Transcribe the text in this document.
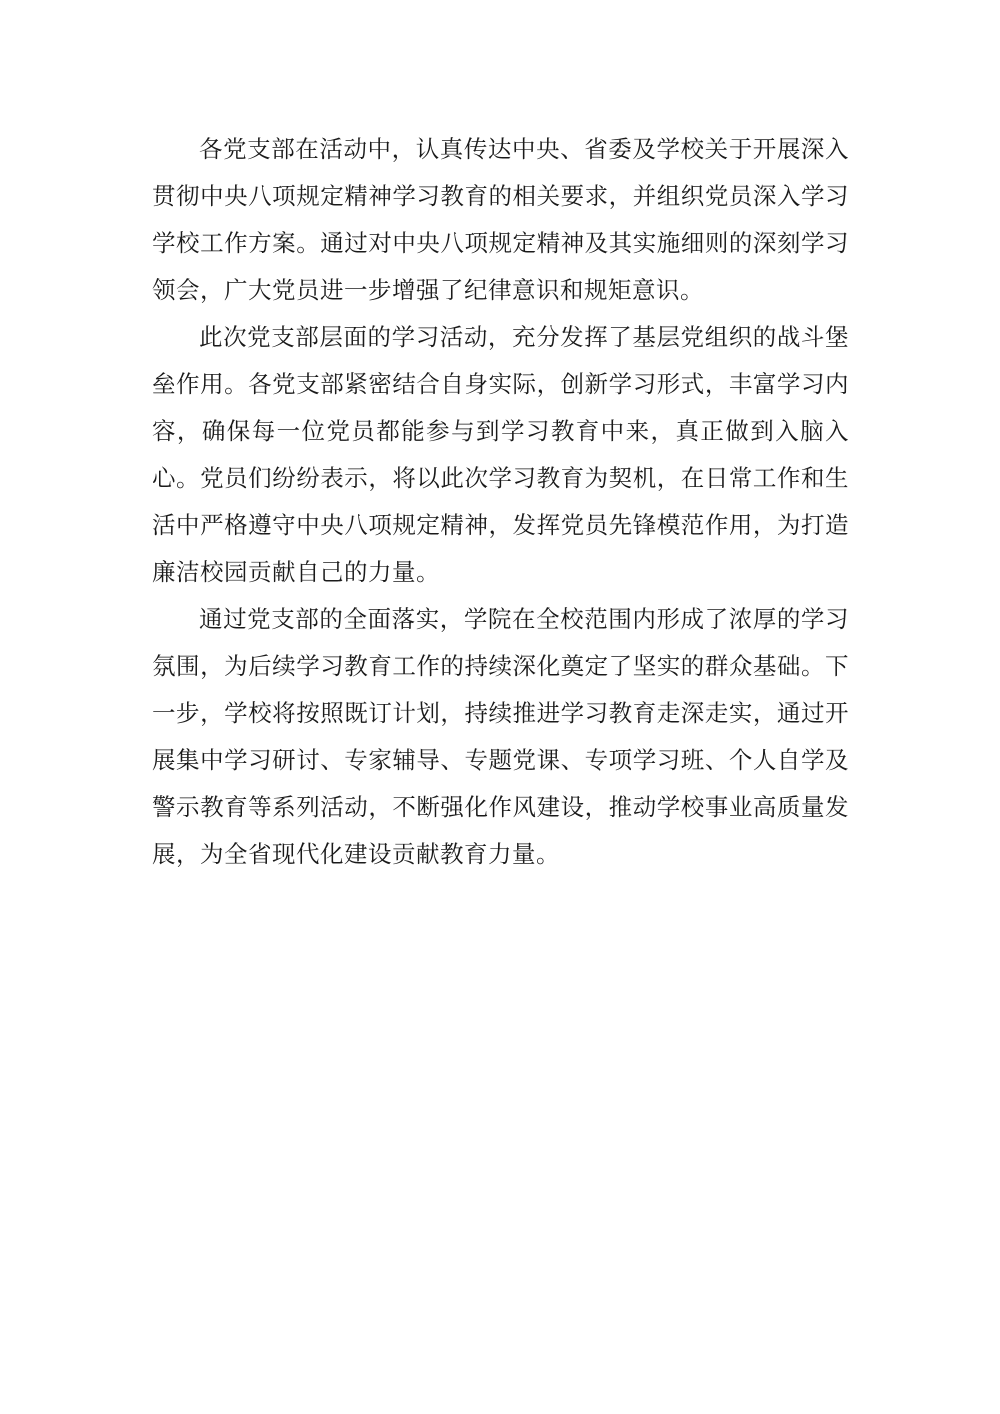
各党支部在活动中，认真传达中央、省委及学校关于开展深入贯彻中央八项规定精神学习教育的相关要求，并组织党员深入学习学校工作方案。通过对中央八项规定精神及其实施细则的深刻学习领会，广大党员进一步增强了纪律意识和规矩意识。

此次党支部层面的学习活动，充分发挥了基层党组织的战斗堡垒作用。各党支部紧密结合自身实际，创新学习形式，丰富学习内容，确保每一位党员都能参与到学习教育中来，真正做到入脑入心。党员们纷纷表示，将以此次学习教育为契机，在日常工作和生活中严格遵守中央八项规定精神，发挥党员先锋模范作用，为打造廉洁校园贡献自己的力量。

通过党支部的全面落实，学院在全校范围内形成了浓厚的学习氛围，为后续学习教育工作的持续深化奠定了坚实的群众基础。下一步，学校将按照既订计划，持续推进学习教育走深走实，通过开展集中学习研讨、专家辅导、专题党课、专项学习班、个人自学及警示教育等系列活动，不断强化作风建设，推动学校事业高质量发展，为全省现代化建设贡献教育力量。
